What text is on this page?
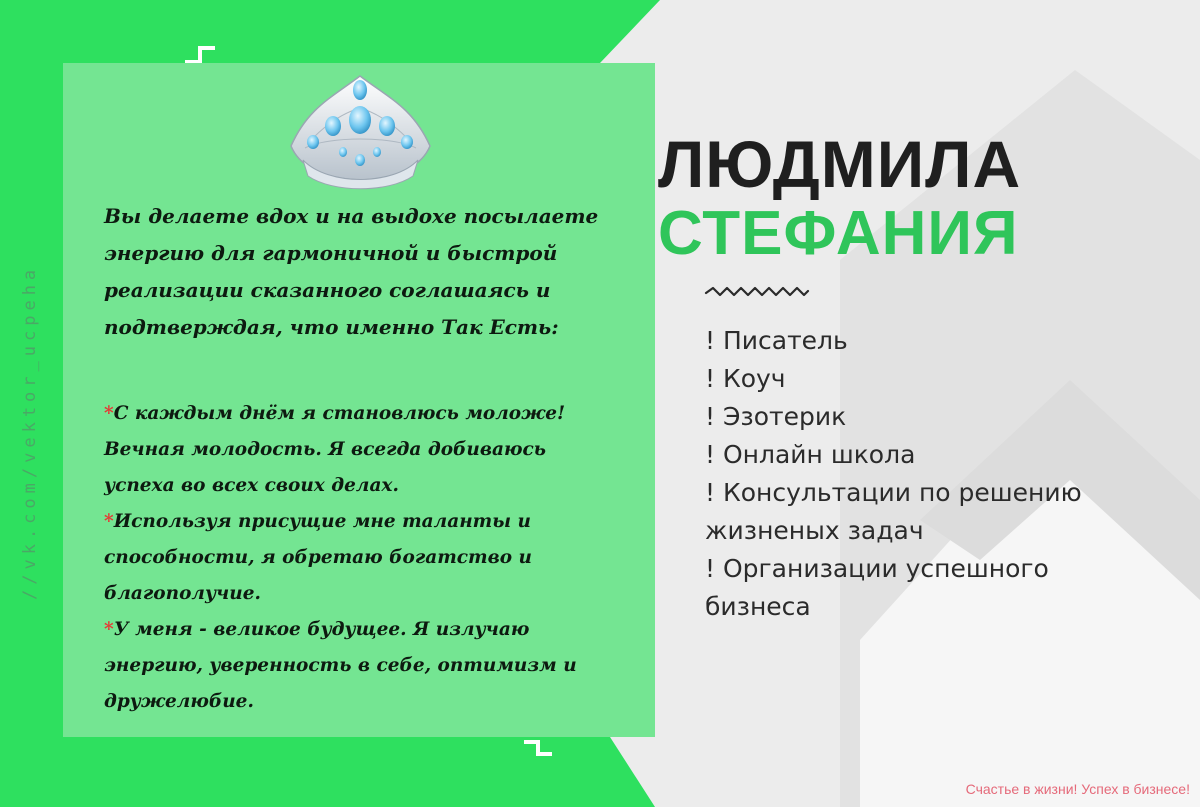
//vk.com/vektor_ucpeha
Вы делаете вдох и на выдохе посылаете
энергию для гармоничной и быстрой
реализации сказанного соглашаясь и
подтверждая, что именно Так Есть:

*С каждым днём я становлюсь моложе!
Вечная молодость. Я всегда добиваюсь
успеха во всех своих делах.

*Используя присущие мне таланты и
способности, я обретаю богатство и
благополучие.

*У меня - великое будущее. Я излучаю
энергию, уверенность в себе, оптимизм и
дружелюбие.

ЛЮДМИЛА
СТЕФАНИЯ
! Писатель
! Коуч
! Эзотерик
! Онлайн школа
! Консультации по решению
жизненых задач
! Организации успешного
бизнеса
Счастье в жизни! Успех в бизнесе!
